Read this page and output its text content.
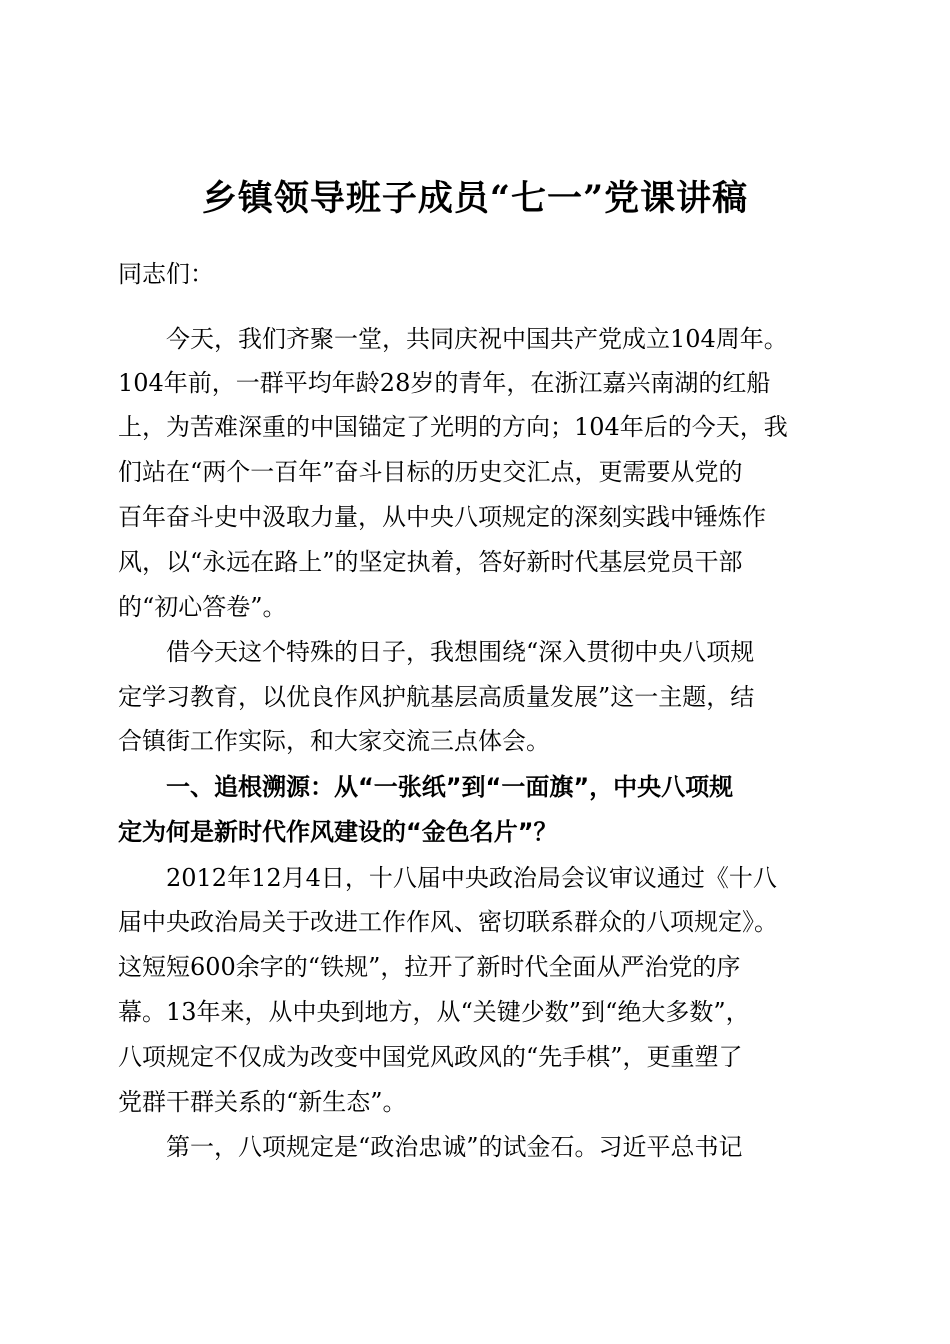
乡镇领导班子成员“七一”党课讲稿
同志们：
　　今天，我们齐聚一堂，共同庆祝中国共产党成立104周年。
104年前，一群平均年龄28岁的青年，在浙江嘉兴南湖的红船
上，为苦难深重的中国锚定了光明的方向；104年后的今天，我
们站在“两个一百年”奋斗目标的历史交汇点，更需要从党的
百年奋斗史中汲取力量，从中央八项规定的深刻实践中锤炼作
风，以“永远在路上”的坚定执着，答好新时代基层党员干部
的“初心答卷”。
　　借今天这个特殊的日子，我想围绕“深入贯彻中央八项规
定学习教育，以优良作风护航基层高质量发展”这一主题，结
合镇街工作实际，和大家交流三点体会。
　　一、追根溯源：从“一张纸”到“一面旗”，中央八项规
定为何是新时代作风建设的“金色名片”？
　　2012年12月4日，十八届中央政治局会议审议通过《十八
届中央政治局关于改进工作作风、密切联系群众的八项规定》。
这短短600余字的“铁规”，拉开了新时代全面从严治党的序
幕。13年来，从中央到地方，从“关键少数”到“绝大多数”，
八项规定不仅成为改变中国党风政风的“先手棋”，更重塑了
党群干群关系的“新生态”。
　　第一，八项规定是“政治忠诚”的试金石。习近平总书记
